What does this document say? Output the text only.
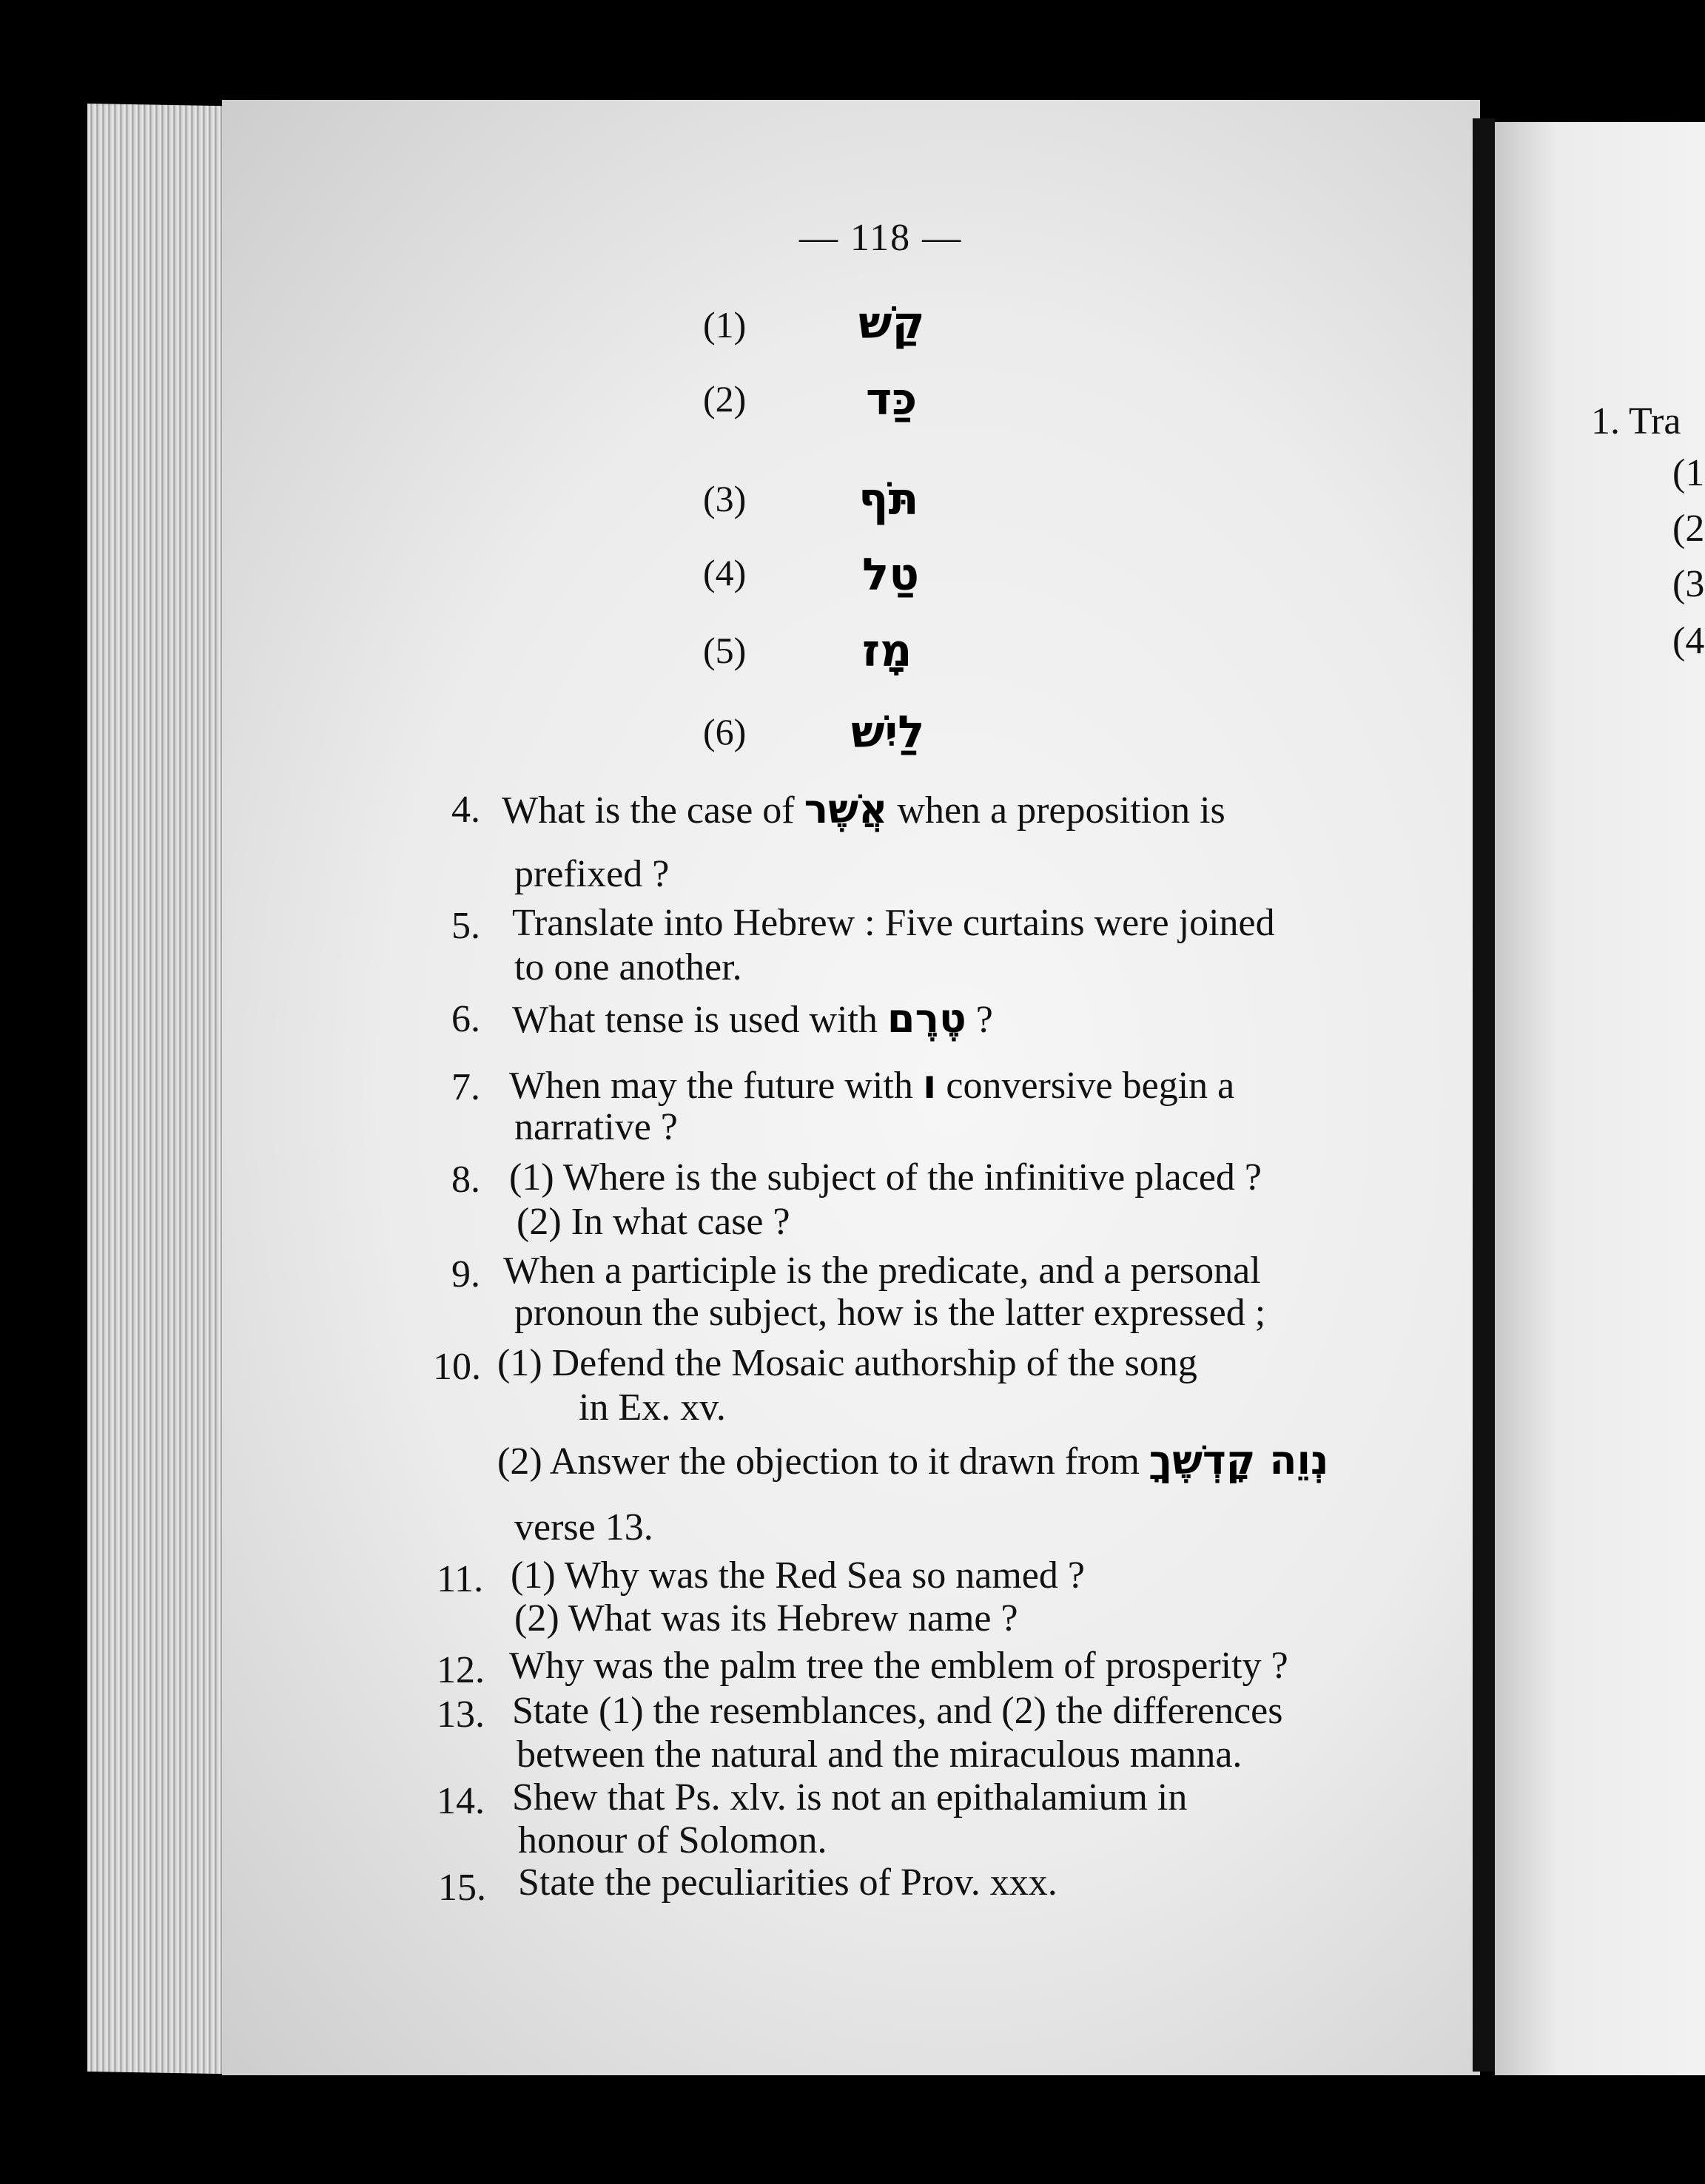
1. Tra
(1
(2
(3
(4
— 118 —
(1)	קַשׁ
(2)	כַּד
(3)	תֹּף
(4)	טַל
(5)	מָז
(6) לַיִשׁ
4. What is the case of אֲשֶׁר when a preposition is
prefixed ?
5. Translate into Hebrew : Five curtains were joined
to one another.
6. What tense is used with טֶרֶם ?
7. When may the future with ו conversive begin a
narrative ?
8. (1) Where is the subject of the infinitive placed ?
(2) In what case ?
9. When a participle is the predicate, and a personal
pronoun the subject, how is the latter expressed ;
10. (1) Defend the Mosaic authorship of the song
in Ex. xv.
(2) Answer the objection to it drawn from נְוֵה קָדְשֶׁךָ
verse 13.
11. (1) Why was the Red Sea so named ?
(2) What was its Hebrew name ?
12. Why was the palm tree the emblem of prosperity ?
13. State (1) the resemblances, and (2) the differences
between the natural and the miraculous manna.
14. Shew that Ps. xlv. is not an epithalamium in
honour of Solomon.
15. State the peculiarities of Prov. xxx.
